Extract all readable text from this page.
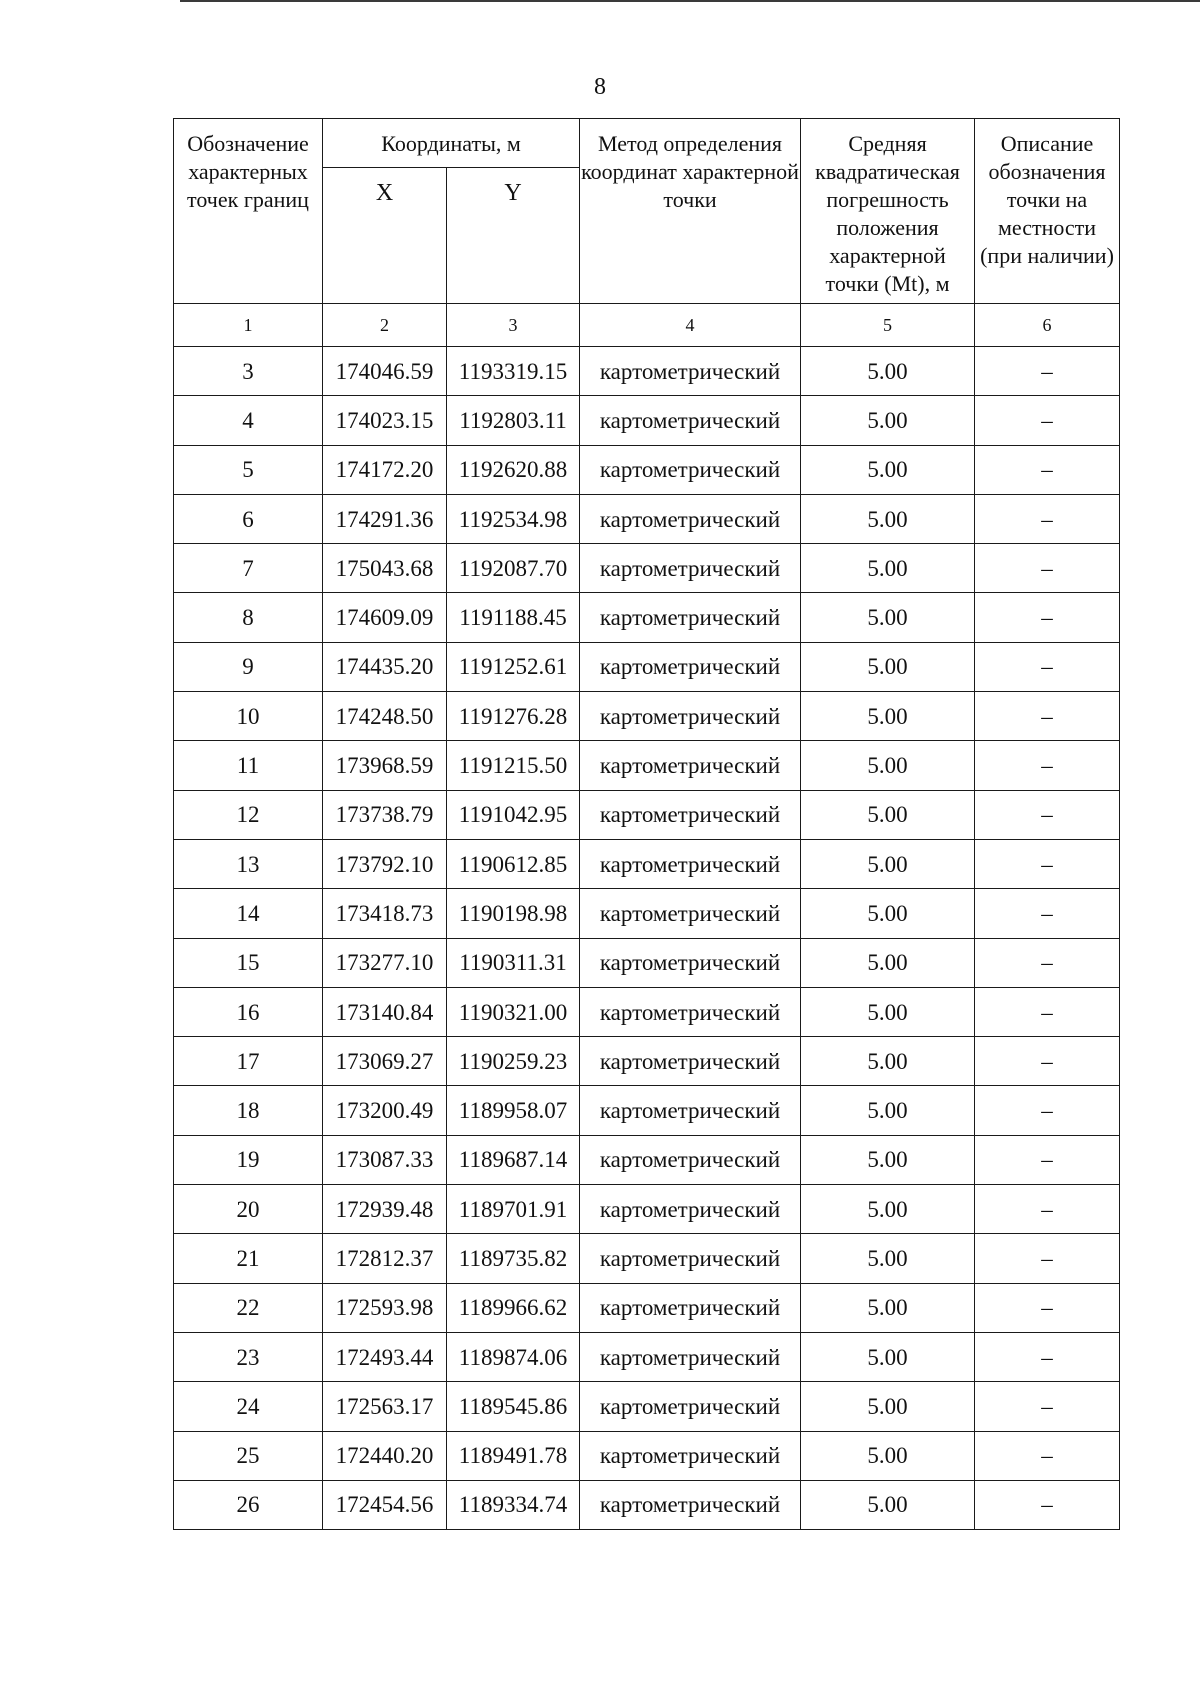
8
Обозначение характерных точек границ	Координаты, м		Метод определения координат характерной точки	Средняя квадратическая погрешность положения характерной точки (Mt), м	Описание обозначения точки на местности (при наличии)
	X	Y			
1	2	3	4	5	6
3	174046.59	1193319.15	картометрический	5.00	–
4	174023.15	1192803.11	картометрический	5.00	–
5	174172.20	1192620.88	картометрический	5.00	–
6	174291.36	1192534.98	картометрический	5.00	–
7	175043.68	1192087.70	картометрический	5.00	–
8	174609.09	1191188.45	картометрический	5.00	–
9	174435.20	1191252.61	картометрический	5.00	–
10	174248.50	1191276.28	картометрический	5.00	–
11	173968.59	1191215.50	картометрический	5.00	–
12	173738.79	1191042.95	картометрический	5.00	–
13	173792.10	1190612.85	картометрический	5.00	–
14	173418.73	1190198.98	картометрический	5.00	–
15	173277.10	1190311.31	картометрический	5.00	–
16	173140.84	1190321.00	картометрический	5.00	–
17	173069.27	1190259.23	картометрический	5.00	–
18	173200.49	1189958.07	картометрический	5.00	–
19	173087.33	1189687.14	картометрический	5.00	–
20	172939.48	1189701.91	картометрический	5.00	–
21	172812.37	1189735.82	картометрический	5.00	–
22	172593.98	1189966.62	картометрический	5.00	–
23	172493.44	1189874.06	картометрический	5.00	–
24	172563.17	1189545.86	картометрический	5.00	–
25	172440.20	1189491.78	картометрический	5.00	–
26	172454.56	1189334.74	картометрический	5.00	–
